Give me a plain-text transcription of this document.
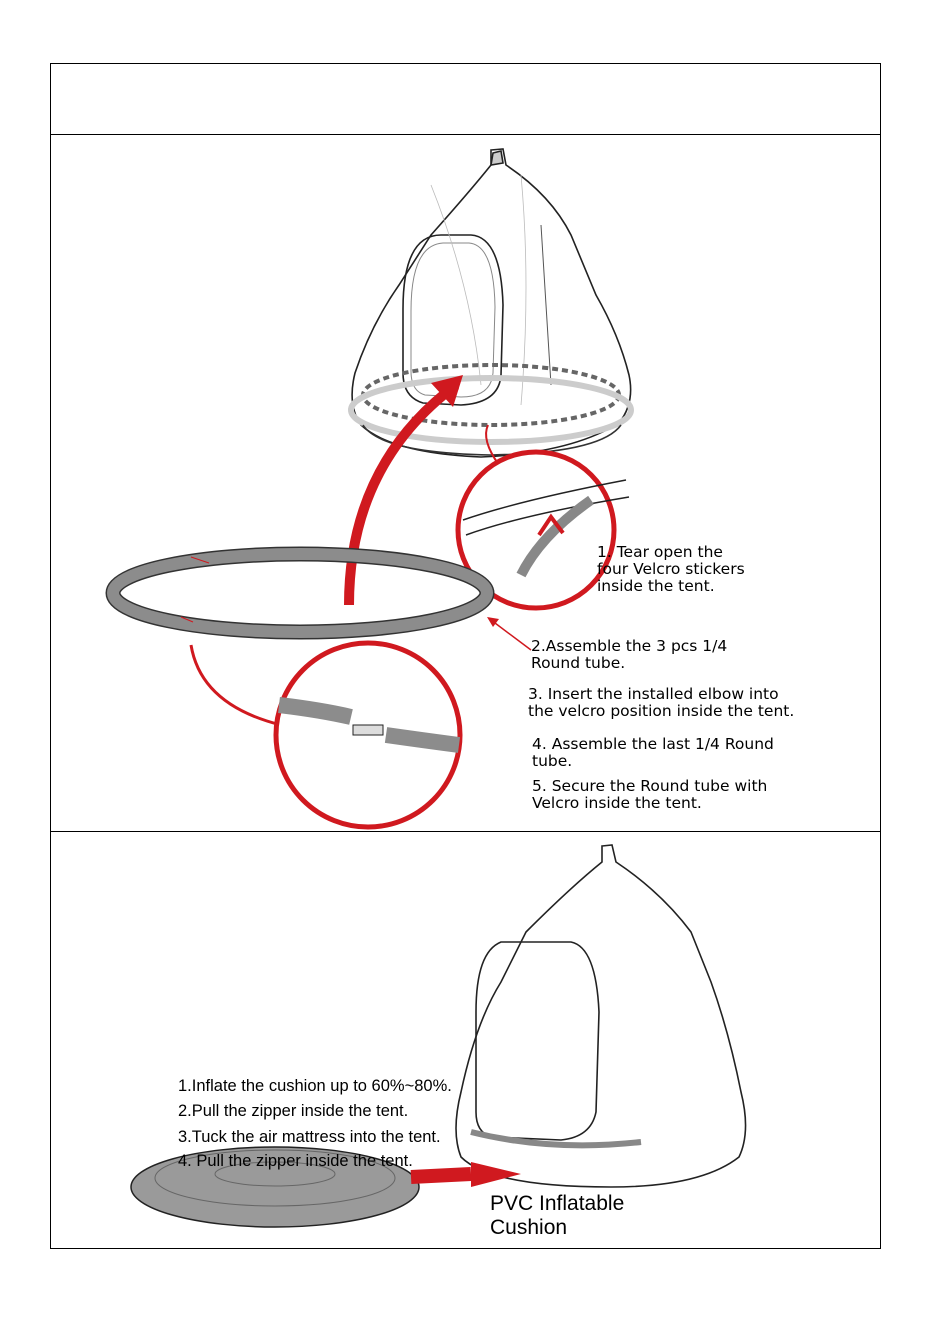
1. Tear open the
four Velcro stickers
inside the tent.
2.Assemble the 3 pcs 1/4
Round tube.
3. Insert the installed elbow into
the velcro position inside the tent.
4. Assemble the last 1/4 Round
tube.
5. Secure the Round tube with
Velcro inside the tent.
1.Inflate the cushion up to 60%~80%.
2.Pull the zipper inside the tent.
3.Tuck the air mattress into the tent.
4. Pull the zipper inside the tent.
PVC Inflatable
Cushion
